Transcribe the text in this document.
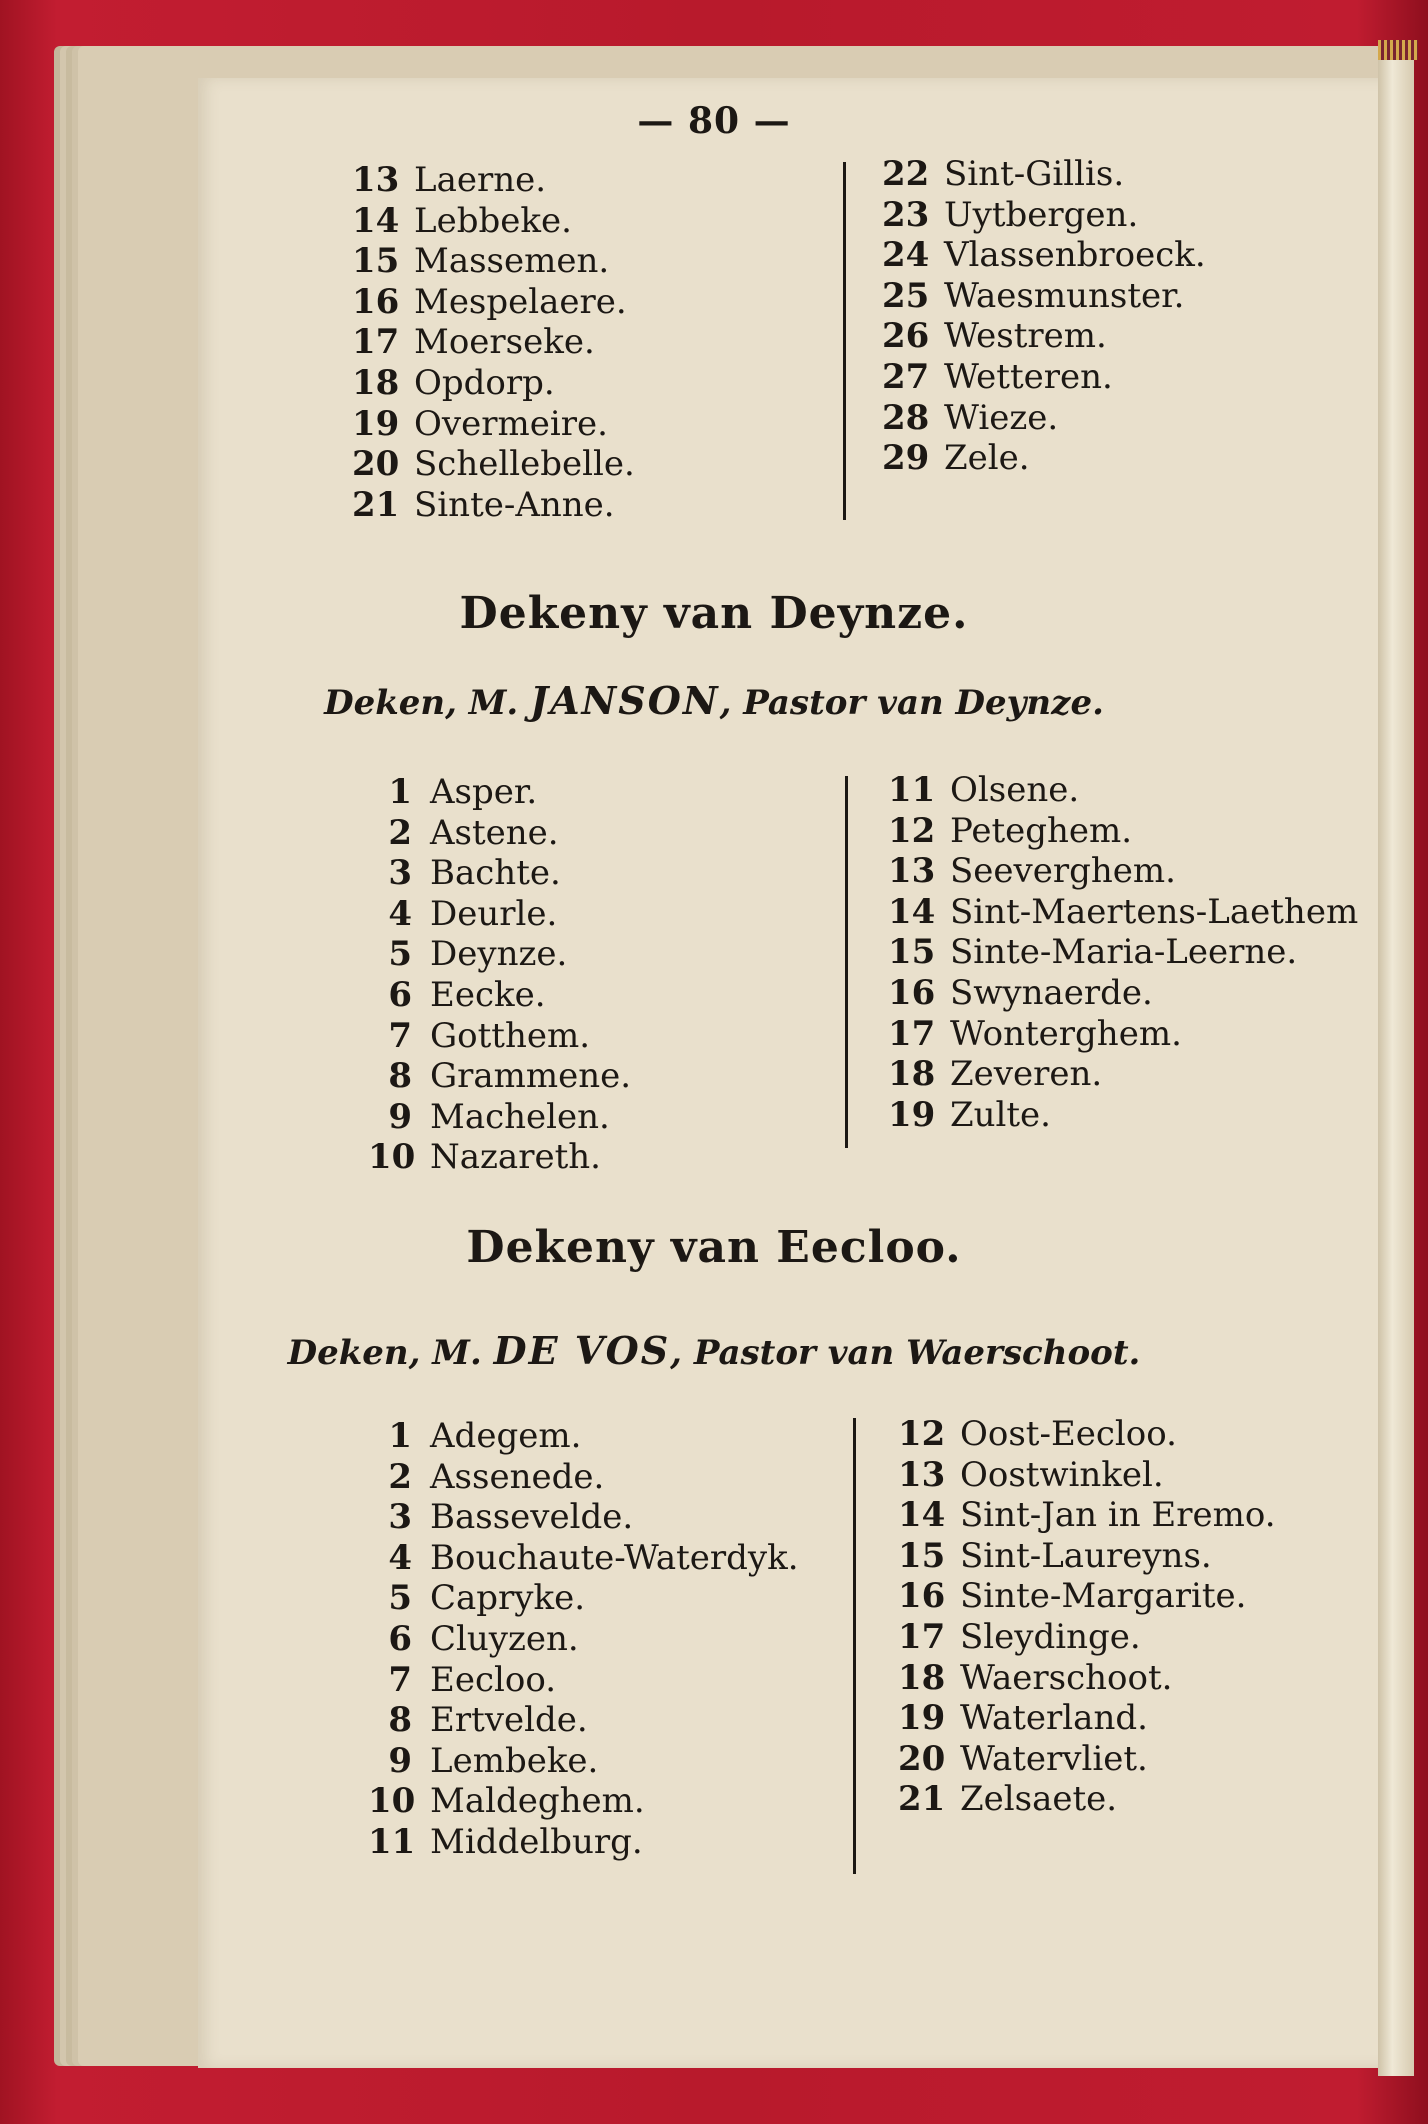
— 80 —
13 Laerne.
14 Lebbeke.
15 Massemen.
16 Mespelaere.
17 Moerseke.
18 Opdorp.
19 Overmeire.
20 Schellebelle.
21 Sinte-Anne.
22 Sint-Gillis.
23 Uytbergen.
24 Vlassenbroeck.
25 Waesmunster.
26 Westrem.
27 Wetteren.
28 Wieze.
29 Zele.
Dekeny van Deynze.
Deken, M. JANSON, Pastor van Deynze.
1 Asper.
2 Astene.
3 Bachte.
4 Deurle.
5 Deynze.
6 Eecke.
7 Gotthem.
8 Grammene.
9 Machelen.
10 Nazareth.
11 Olsene.
12 Peteghem.
13 Seeverghem.
14 Sint-Maertens-Laethem
15 Sinte-Maria-Leerne.
16 Swynaerde.
17 Wonterghem.
18 Zeveren.
19 Zulte.
Dekeny van Eecloo.
Deken, M. DE VOS, Pastor van Waerschoot.
1 Adegem.
2 Assenede.
3 Bassevelde.
4 Bouchaute-Waterdyk.
5 Capryke.
6 Cluyzen.
7 Eecloo.
8 Ertvelde.
9 Lembeke.
10 Maldeghem.
11 Middelburg.
12 Oost-Eecloo.
13 Oostwinkel.
14 Sint-Jan in Eremo.
15 Sint-Laureyns.
16 Sinte-Margarite.
17 Sleydinge.
18 Waerschoot.
19 Waterland.
20 Watervliet.
21 Zelsaete.
